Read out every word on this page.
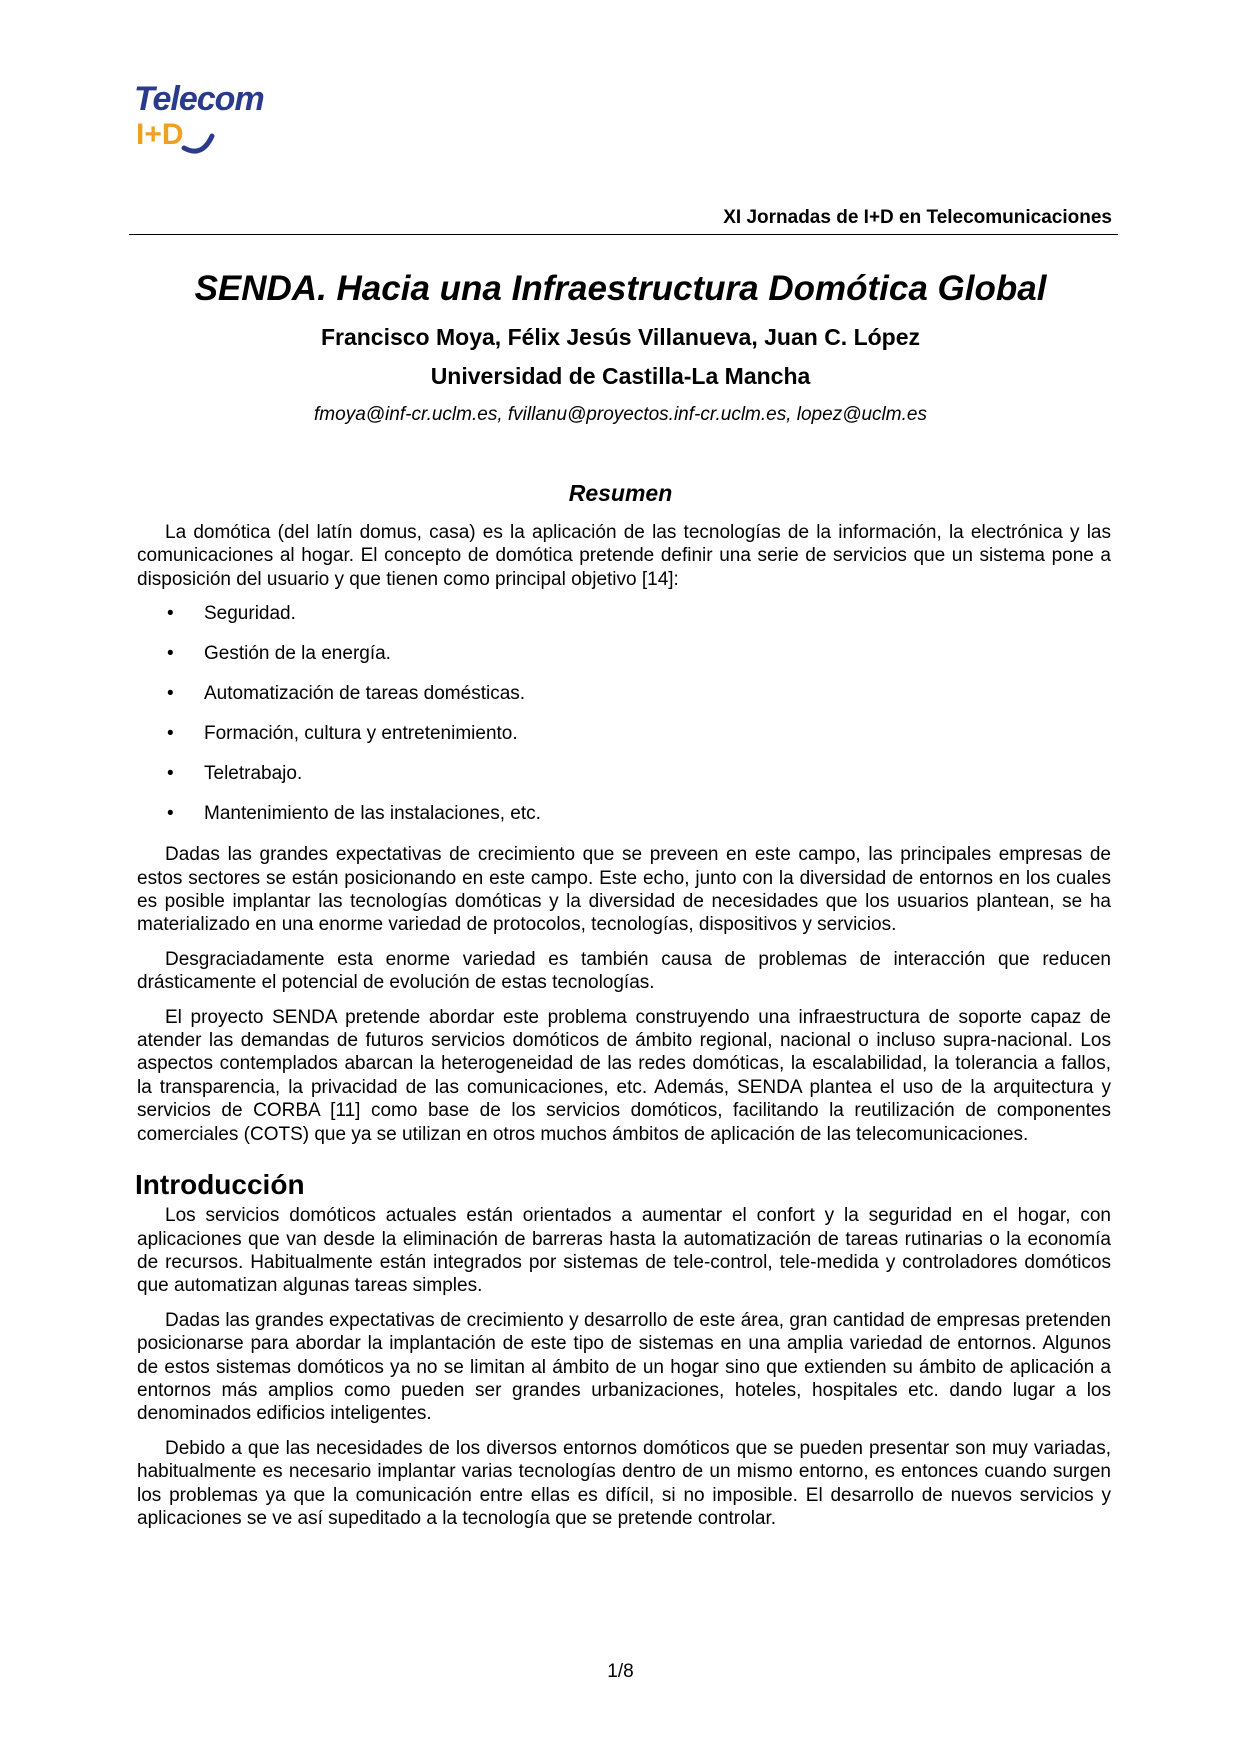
Telecom
I+D
XI Jornadas de I+D en Telecomunicaciones
SENDA. Hacia una Infraestructura Domótica Global
Francisco Moya, Félix Jesús Villanueva, Juan C. López
Universidad de Castilla-La Mancha
fmoya@inf-cr.uclm.es, fvillanu@proyectos.inf-cr.uclm.es, lopez@uclm.es
Resumen

La domótica (del latín domus, casa) es la aplicación de las tecnologías de la información, la electrónica y las comunicaciones al hogar. El concepto de domótica pretende definir una serie de servicios que un sistema pone a disposición del usuario y que tienen como principal objetivo [14]:

• Seguridad.
• Gestión de la energía.
• Automatización de tareas domésticas.
• Formación, cultura y entretenimiento.
• Teletrabajo.
• Mantenimiento de las instalaciones, etc.

Dadas las grandes expectativas de crecimiento que se preveen en este campo, las principales empresas de estos sectores se están posicionando en este campo. Este echo, junto con la diversidad de entornos en los cuales es posible implantar las tecnologías domóticas y la diversidad de necesidades que los usuarios plantean, se ha materializado en una enorme variedad de protocolos, tecnologías, dispositivos y servicios.

Desgraciadamente esta enorme variedad es también causa de problemas de interacción que reducen drásticamente el potencial de evolución de estas tecnologías.

El proyecto SENDA pretende abordar este problema construyendo una infraestructura de soporte capaz de atender las demandas de futuros servicios domóticos de ámbito regional, nacional o incluso supra-nacional. Los aspectos contemplados abarcan la heterogeneidad de las redes domóticas, la escalabilidad, la tolerancia a fallos, la transparencia, la privacidad de las comunicaciones, etc. Además, SENDA plantea el uso de la arquitectura y servicios de CORBA [11] como base de los servicios domóticos, facilitando la reutilización de componentes comerciales (COTS) que ya se utilizan en otros muchos ámbitos de aplicación de las telecomunicaciones.

Introducción

Los servicios domóticos actuales están orientados a aumentar el confort y la seguridad en el hogar, con aplicaciones que van desde la eliminación de barreras hasta la automatización de tareas rutinarias o la economía de recursos. Habitualmente están integrados por sistemas de tele-control, tele-medida y controladores domóticos que automatizan algunas tareas simples.

Dadas las grandes expectativas de crecimiento y desarrollo de este área, gran cantidad de empresas pretenden posicionarse para abordar la implantación de este tipo de sistemas en una amplia variedad de entornos. Algunos de estos sistemas domóticos ya no se limitan al ámbito de un hogar sino que extienden su ámbito de aplicación a entornos más amplios como pueden ser grandes urbanizaciones, hoteles, hospitales etc. dando lugar a los denominados edificios inteligentes.

Debido a que las necesidades de los diversos entornos domóticos que se pueden presentar son muy variadas, habitualmente es necesario implantar varias tecnologías dentro de un mismo entorno, es entonces cuando surgen los problemas ya que la comunicación entre ellas es difícil, si no imposible. El desarrollo de nuevos servicios y aplicaciones se ve así supeditado a la tecnología que se pretende controlar.

1/8
